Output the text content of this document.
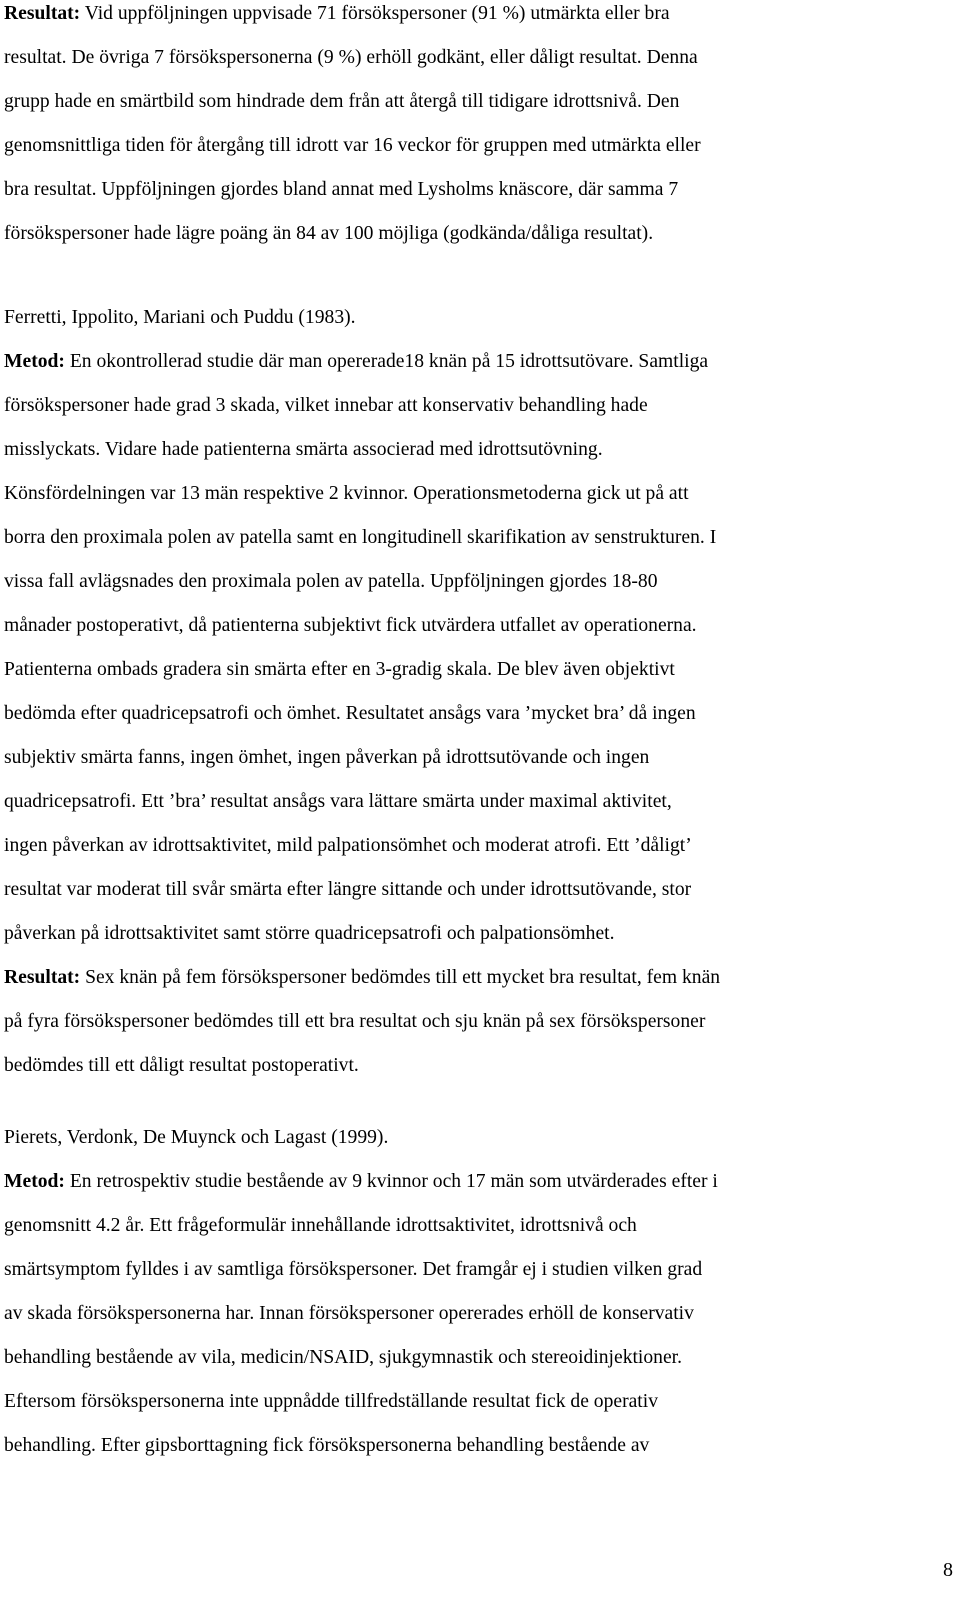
Resultat: Vid uppföljningen uppvisade 71 försökspersoner (91 %) utmärkta eller bra
resultat. De övriga 7 försökspersonerna (9 %) erhöll godkänt, eller dåligt resultat. Denna
grupp hade en smärtbild som hindrade dem från att återgå till tidigare idrottsnivå. Den
genomsnittliga tiden för återgång till idrott var 16 veckor för gruppen med utmärkta eller
bra resultat. Uppföljningen gjordes bland annat med Lysholms knäscore, där samma 7
försökspersoner hade lägre poäng än 84 av 100 möjliga (godkända/dåliga resultat).
Ferretti, Ippolito, Mariani och Puddu (1983).
Metod: En okontrollerad studie där man opererade18 knän på 15 idrottsutövare. Samtliga
försökspersoner hade grad 3 skada, vilket innebar att konservativ behandling hade
misslyckats. Vidare hade patienterna smärta associerad med idrottsutövning.
Könsfördelningen var 13 män respektive 2 kvinnor. Operationsmetoderna gick ut på att
borra den proximala polen av patella samt en longitudinell skarifikation av senstrukturen. I
vissa fall avlägsnades den proximala polen av patella. Uppföljningen gjordes 18-80
månader postoperativt, då patienterna subjektivt fick utvärdera utfallet av operationerna.
Patienterna ombads gradera sin smärta efter en 3-gradig skala. De blev även objektivt
bedömda efter quadricepsatrofi och ömhet. Resultatet ansågs vara ’mycket bra’ då ingen
subjektiv smärta fanns, ingen ömhet, ingen påverkan på idrottsutövande och ingen
quadricepsatrofi. Ett ’bra’ resultat ansågs vara lättare smärta under maximal aktivitet,
ingen påverkan av idrottsaktivitet, mild palpationsömhet och moderat atrofi. Ett ’dåligt’
resultat var moderat till svår smärta efter längre sittande och under idrottsutövande, stor
påverkan på idrottsaktivitet samt större quadricepsatrofi och palpationsömhet.
Resultat: Sex knän på fem försökspersoner bedömdes till ett mycket bra resultat, fem knän
på fyra försökspersoner bedömdes till ett bra resultat och sju knän på sex försökspersoner
bedömdes till ett dåligt resultat postoperativt.
Pierets, Verdonk, De Muynck och Lagast (1999).
Metod: En retrospektiv studie bestående av 9 kvinnor och 17 män som utvärderades efter i
genomsnitt 4.2 år. Ett frågeformulär innehållande idrottsaktivitet, idrottsnivå och
smärtsymptom fylldes i av samtliga försökspersoner. Det framgår ej i studien vilken grad
av skada försökspersonerna har. Innan försökspersoner opererades erhöll de konservativ
behandling bestående av vila, medicin/NSAID, sjukgymnastik och stereoidinjektioner.
Eftersom försökspersonerna inte uppnådde tillfredställande resultat fick de operativ
behandling. Efter gipsborttagning fick försökspersonerna behandling bestående av
8
